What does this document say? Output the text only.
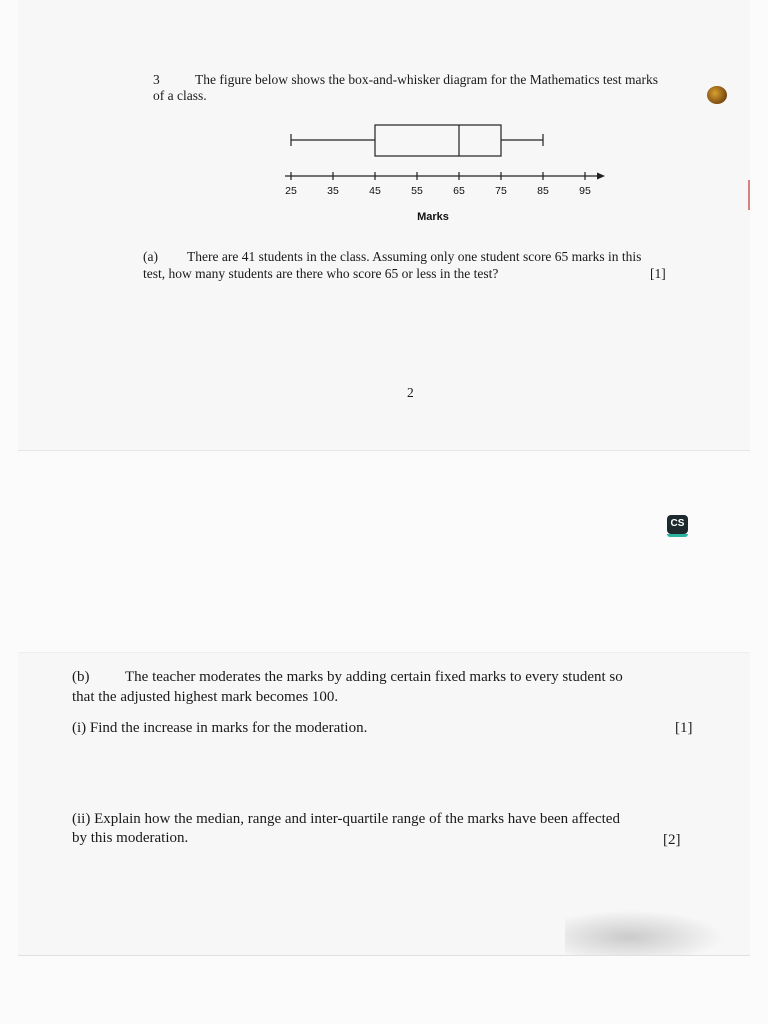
3	The figure below shows the box-and-whisker diagram for the Mathematics test marks
of a class.
25	35	45	55	65	75	85	95
Marks
(a) There are 41 students in the class. Assuming only one student score 65 marks in this
test, how many students are there who score 65 or less in the test?	[1]
2
CS
(b) The teacher moderates the marks by adding certain fixed marks to every student so
that the adjusted highest mark becomes 100.
(i) Find the increase in marks for the moderation.	[1]
(ii) Explain how the median, range and inter-quartile range of the marks have been affected
by this moderation.	[2]
